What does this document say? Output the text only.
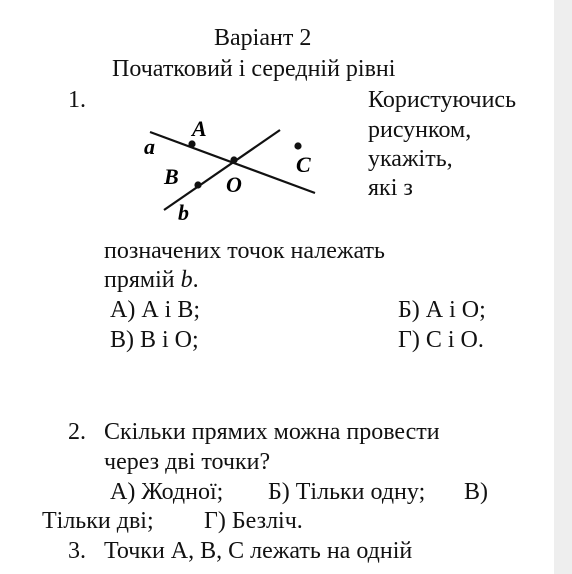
Варіант 2
Початковий і середній рівні
1.	Користуючись
рисунком,
укажіть,
які з
a
A
B O
C
b
позначених точок належать
прямій b.
А) А і В;	Б) А і О;
В) В і О;	Г) С і О.
2. Скільки прямих можна провести
через дві точки?
А) Жодної; Б) Тільки одну; В)
Тільки дві; Г) Безліч.
3. Точки A, B, C лежать на одній
